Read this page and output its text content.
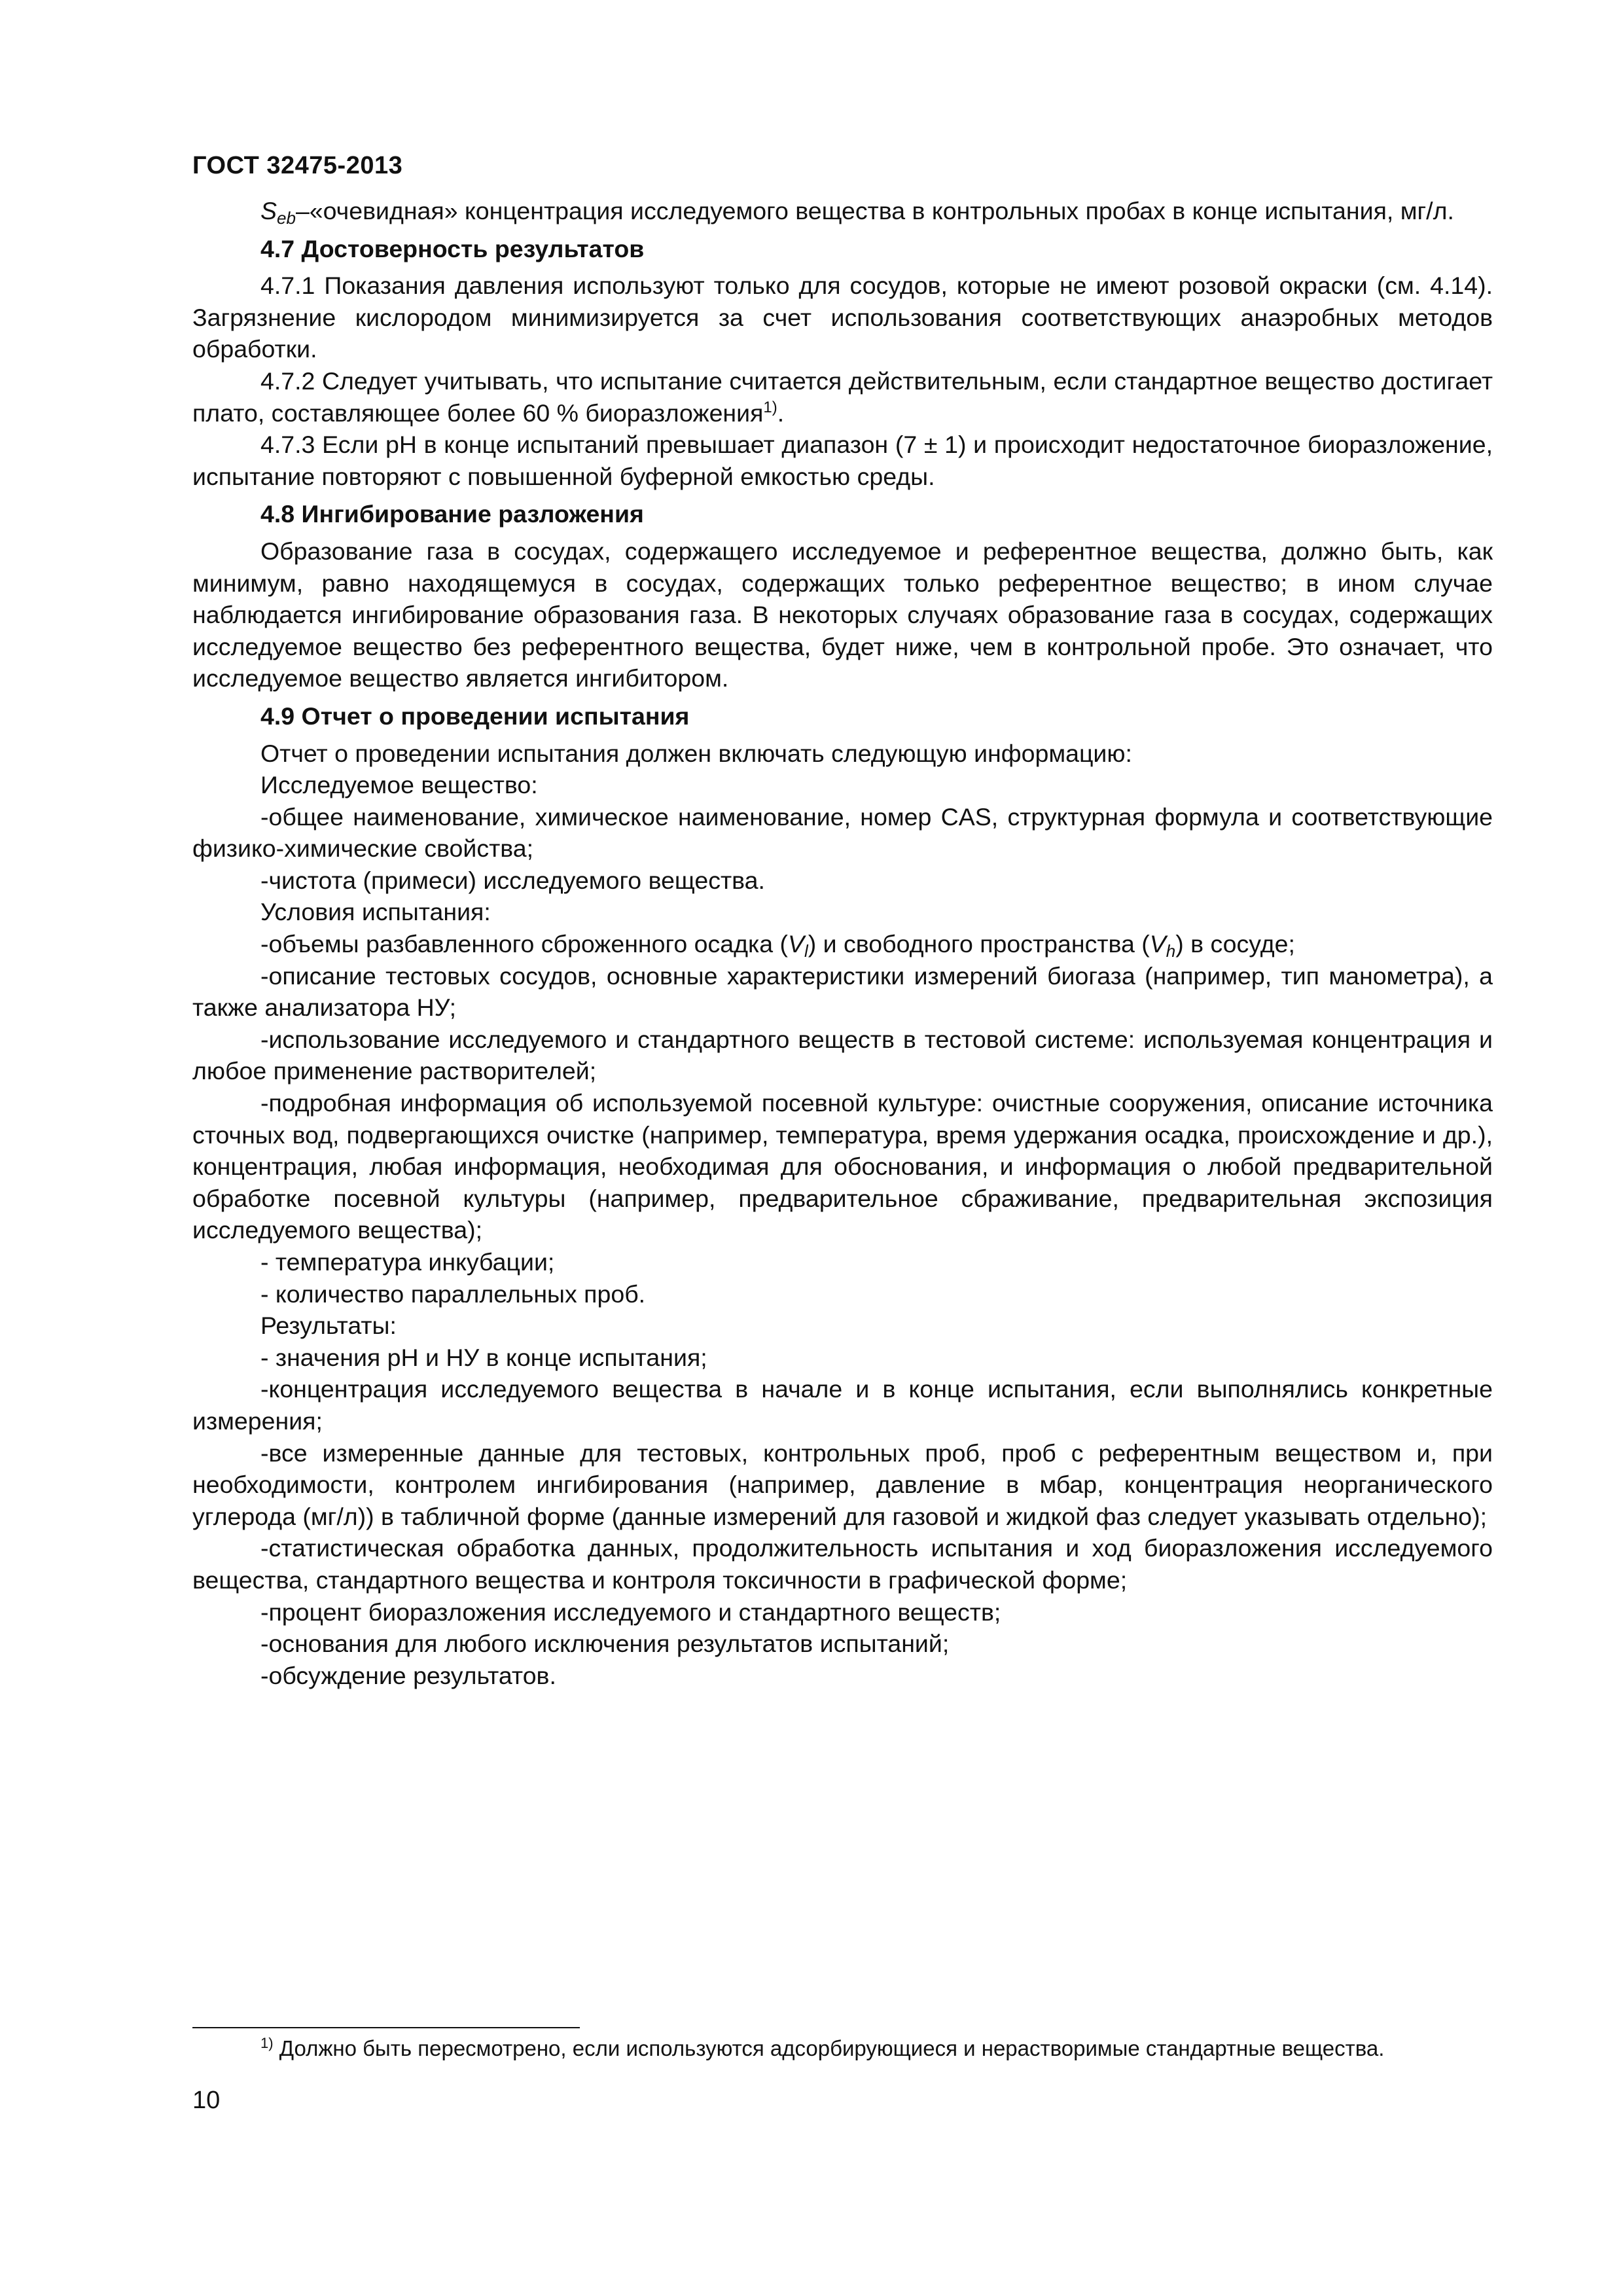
ГОСТ 32475-2013

$S_{eb}-«очевидная$» концентрация исследуемого вещества в контрольных пробах в конце испытания, мг/л.

4.7 Достоверность результатов

4.7.1 Показания давления используют только для сосудов, которые не имеют розовой окраски (см. 4.14). Загрязнение кислородом минимизируется за счет использования соответствующих анаэробных методов обработки.

4.7.2 Следует учитывать, что испытание считается действительным, если стандартное вещество достигает плато, составляющее более 60 % биоразложения$^{1)}$.

4.7.3 Если pH в конце испытаний превышает диапазон (7 ± 1) и происходит недостаточное биоразложение, испытание повторяют с повышенной буферной емкостью среды.

4.8 Ингибирование разложения

Образование газа в сосудах, содержащего исследуемое и референтное вещества, должно быть, как минимум, равно находящемуся в сосудах, содержащих только референтное вещество; в ином случае наблюдается ингибирование образования газа. В некоторых случаях образование газа в сосудах, содержащих исследуемое вещество без референтного вещества, будет ниже, чем в контрольной пробе. Это означает, что исследуемое вещество является ингибитором.

4.9 Отчет о проведении испытания

Отчет о проведении испытания должен включать следующую информацию:

Исследуемое вещество:

-общее наименование, химическое наименование, номер CAS, структурная формула и соответствующие физико-химические свойства;

-чистота (примеси) исследуемого вещества.

Условия испытания:

-объемы разбавленного сброженного осадка $(V_l)$ и свободного пространства $(V_h)$ в сосуде;

-описание тестовых сосудов, основные характеристики измерений биогаза (например, тип манометра), а также анализатора НУ;

-использование исследуемого и стандартного веществ в тестовой системе: используемая концентрация и любое применение растворителей;

-подробная информация об используемой посевной культуре: очистные сооружения, описание источника сточных вод, подвергающихся очистке (например, температура, время удержания осадка, происхождение и др.), концентрация, любая информация, необходимая для обоснования, и информация о любой предварительной обработке посевной культуры (например, предварительное сбраживание, предварительная экспозиция исследуемого вещества);

- температура инкубации;

- количество параллельных проб.

Результаты:

- значения pH и НУ в конце испытания;

-концентрация исследуемого вещества в начале и в конце испытания, если выполнялись конкретные измерения;

-все измеренные данные для тестовых, контрольных проб, проб с референтным веществом и, при необходимости, контролем ингибирования (например, давление в мбар, концентрация неорганического углерода (мг/л)) в табличной форме (данные измерений для газовой и жидкой фаз следует указывать отдельно);

-статистическая обработка данных, продолжительность испытания и ход биоразложения исследуемого вещества, стандартного вещества и контроля токсичности в графической форме;

-процент биоразложения исследуемого и стандартного веществ;

-основания для любого исключения результатов испытаний;

-обсуждение результатов.

$^{1)}$ Должно быть пересмотрено, если используются адсорбирующиеся и нерастворимые стандартные вещества.
10
